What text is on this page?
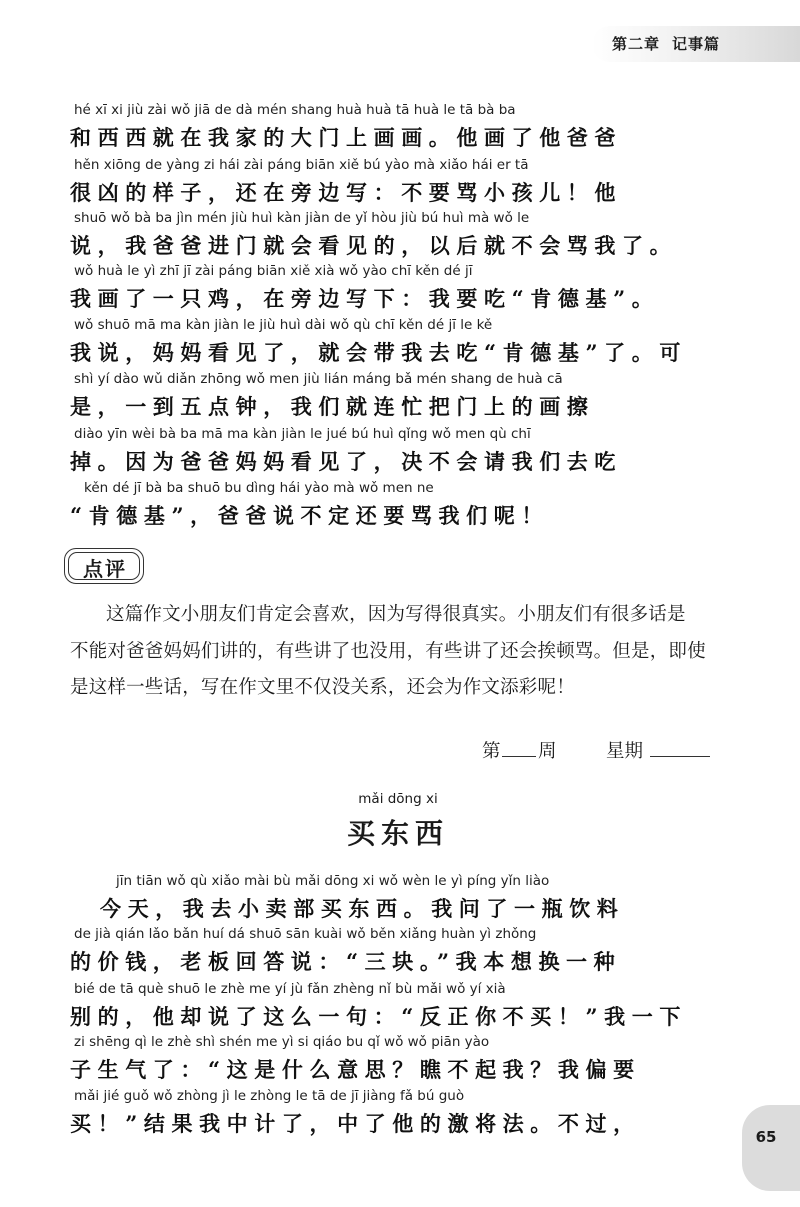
第二章 记事篇
hé xī xi jiù zài wǒ jiā de dà mén shang huà huà tā huà le tā bà ba
和西西就在我家的大门上画画。他画了他爸爸
hěn xiōng de yàng zi hái zài páng biān xiě bú yào mà xiǎo hái er tā
很凶的样子，还在旁边写：不要骂小孩儿！他
shuō wǒ bà ba jìn mén jiù huì kàn jiàn de yǐ hòu jiù bú huì mà wǒ le
说，我爸爸进门就会看见的，以后就不会骂我了。
wǒ huà le yì zhī jī zài páng biān xiě xià wǒ yào chī kěn dé jī
我画了一只鸡，在旁边写下：我要吃“肯德基”。
wǒ shuō mā ma kàn jiàn le jiù huì dài wǒ qù chī kěn dé jī le kě
我说，妈妈看见了，就会带我去吃“肯德基”了。可
shì yí dào wǔ diǎn zhōng wǒ men jiù lián máng bǎ mén shang de huà cā
是，一到五点钟，我们就连忙把门上的画擦
diào yīn wèi bà ba mā ma kàn jiàn le jué bú huì qǐng wǒ men qù chī
掉。因为爸爸妈妈看见了，决不会请我们去吃
kěn dé jī bà ba shuō bu dìng hái yào mà wǒ men ne
“肯德基”，爸爸说不定还要骂我们呢！
点评
这篇作文小朋友们肯定会喜欢，因为写得很真实。小朋友们有很多话是
不能对爸爸妈妈们讲的，有些讲了也没用，有些讲了还会挨顿骂。但是，即使
是这样一些话，写在作文里不仅没关系，还会为作文添彩呢！
第 周	星期
mǎi dōng xi
买东西
jīn tiān wǒ qù xiǎo mài bù mǎi dōng xi wǒ wèn le yì píng yǐn liào
今天，我去小卖部买东西。我问了一瓶饮料
de jià qián lǎo bǎn huí dá shuō sān kuài wǒ běn xiǎng huàn yì zhǒng
的价钱，老板回答说：“三块。”我本想换一种
bié de tā què shuō le zhè me yí jù fǎn zhèng nǐ bù mǎi wǒ yí xià
别的，他却说了这么一句：“反正你不买！”我一下
zi shēng qì le zhè shì shén me yì si qiáo bu qǐ wǒ wǒ piān yào
子生气了：“这是什么意思？瞧不起我？我偏要
mǎi jié guǒ wǒ zhòng jì le zhòng le tā de jī jiàng fǎ bú guò
买！”结果我中计了，中了他的激将法。不过，
65
